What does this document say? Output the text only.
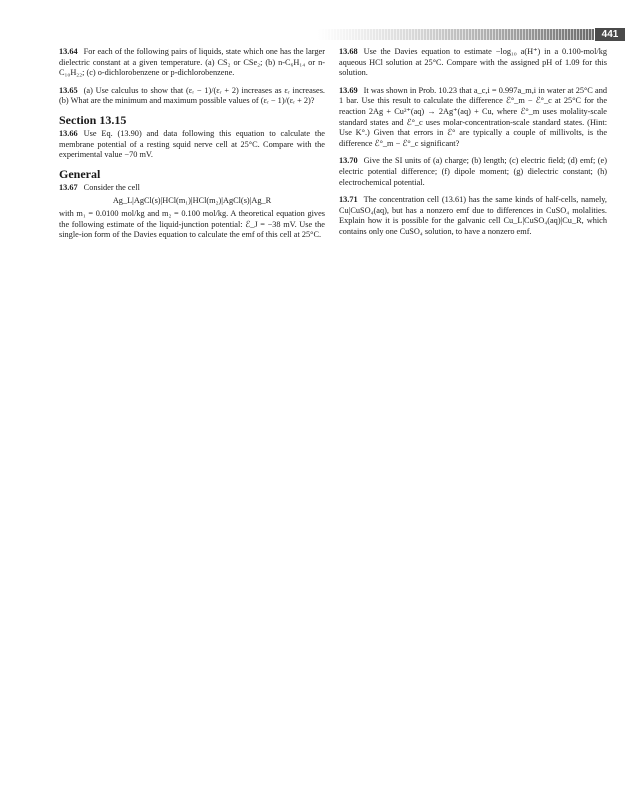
441

13.64 For each of the following pairs of liquids, state which one has the larger dielectric constant at a given temperature. (a) CS₂ or CSe₂; (b) n-C₆H₁₄ or n-C₁₀H₂₂; (c) o-dichlorobenzene or p-dichlorobenzene.

13.65 (a) Use calculus to show that (εᵣ − 1)/(εᵣ + 2) increases as εᵣ increases. (b) What are the minimum and maximum possible values of (εᵣ − 1)/(εᵣ + 2)?

Section 13.15

13.66 Use Eq. (13.90) and data following this equation to calculate the membrane potential of a resting squid nerve cell at 25°C. Compare with the experimental value −70 mV.

General

13.67 Consider the cell

Ag_L|AgCl(s)|HCl(m₁)|HCl(m₂)|AgCl(s)|Ag_R

with m₁ = 0.0100 mol/kg and m₂ = 0.100 mol/kg. A theoretical equation gives the following estimate of the liquid-junction potential: ℰ_J = −38 mV. Use the single-ion form of the Davies equation to calculate the emf of this cell at 25°C.

13.68 Use the Davies equation to estimate −log₁₀ a(H⁺) in a 0.100-mol/kg aqueous HCl solution at 25°C. Compare with the assigned pH of 1.09 for this solution.

13.69 It was shown in Prob. 10.23 that a_c,i = 0.997a_m,i in water at 25°C and 1 bar. Use this result to calculate the difference ℰ°_m − ℰ°_c at 25°C for the reaction 2Ag + Cu²⁺(aq) → 2Ag⁺(aq) + Cu, where ℰ°_m uses molality-scale standard states and ℰ°_c uses molar-concentration-scale standard states. (Hint: Use K°.) Given that errors in ℰ° are typically a couple of millivolts, is the difference ℰ°_m − ℰ°_c significant?

13.70 Give the SI units of (a) charge; (b) length; (c) electric field; (d) emf; (e) electric potential difference; (f) dipole moment; (g) dielectric constant; (h) electrochemical potential.

13.71 The concentration cell (13.61) has the same kinds of half-cells, namely, Cu|CuSO₄(aq), but has a nonzero emf due to differences in CuSO₄ molalities. Explain how it is possible for the galvanic cell Cu_L|CuSO₄(aq)|Cu_R, which contains only one CuSO₄ solution, to have a nonzero emf.
